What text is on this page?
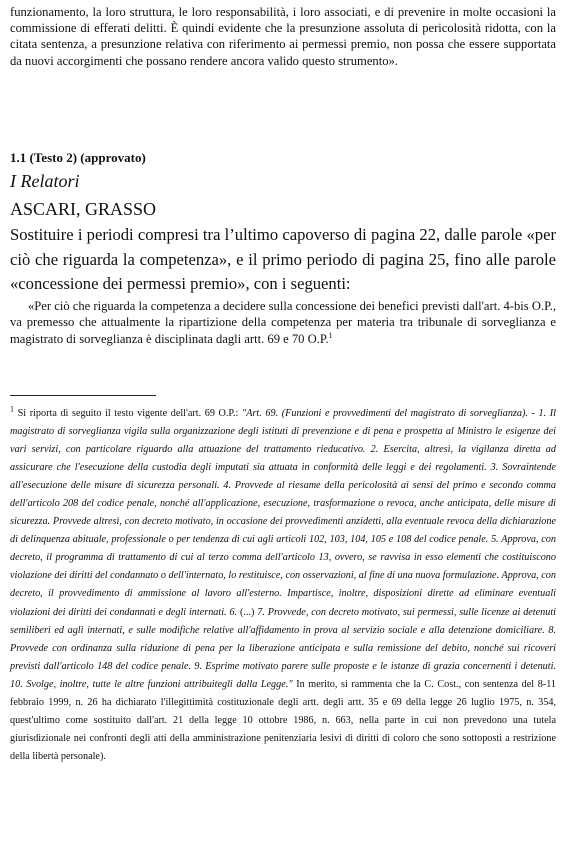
funzionamento, la loro struttura, le loro responsabilità, i loro associati, e di prevenire in molte occasioni la commissione di efferati delitti. È quindi evidente che la presunzione assoluta di pericolosità ridotta, con la citata sentenza, a presunzione relativa con riferimento ai permessi premio, non possa che essere supportata da nuovi accorgimenti che possano rendere ancora valido questo strumento».

1.1 (Testo 2) (approvato)

I Relatori

ASCARI, GRASSO

Sostituire i periodi compresi tra l’ultimo capoverso di pagina 22, dalle parole «per ciò che riguarda la competenza», e il primo periodo di pagina 25, fino alle parole «concessione dei permessi premio», con i seguenti:

«Per ciò che riguarda la competenza a decidere sulla concessione dei benefici previsti dall'art. 4-bis O.P., va premesso che attualmente la ripartizione della competenza per materia tra tribunale di sorveglianza e magistrato di sorveglianza è disciplinata dagli artt. 69 e 70 O.P.$^1$

$^1$ Si riporta di seguito il testo vigente dell'art. 69 O.P.: "Art. 69. (Funzioni e provvedimenti del magistrato di sorveglianza). - 1. Il magistrato di sorveglianza vigila sulla organizzazione degli istituti di prevenzione e di pena e prospetta al Ministro le esigenze dei vari servizi, con particolare riguardo alla attuazione del trattamento rieducativo. 2. Esercita, altresì, la vigilanza diretta ad assicurare che l'esecuzione della custodia degli imputati sia attuata in conformità delle leggi e dei regolamenti. 3. Sovraintende all'esecuzione delle misure di sicurezza personali. 4. Provvede al riesame della pericolosità ai sensi del primo e secondo comma dell'articolo 208 del codice penale, nonché all'applicazione, esecuzione, trasformazione o revoca, anche anticipata, delle misure di sicurezza. Provvede altresì, con decreto motivato, in occasione dei provvedimenti anzidetti, alla eventuale revoca della dichiarazione di delinquenza abituale, professionale o per tendenza di cui agli articoli 102, 103, 104, 105 e 108 del codice penale. 5. Approva, con decreto, il programma di trattamento di cui al terzo comma dell'articolo 13, ovvero, se ravvisa in esso elementi che costituiscono violazione dei diritti del condannato o dell'internato, lo restituisce, con osservazioni, al fine di una nuova formulazione. Approva, con decreto, il provvedimento di ammissione al lavoro all'esterno. Impartisce, inoltre, disposizioni dirette ad eliminare eventuali violazioni dei diritti dei condannati e degli internati. 6. (...) 7. Provvede, con decreto motivato, sui permessi, sulle licenze ai detenuti semiliberi ed agli internati, e sulle modifiche relative all'affidamento in prova al servizio sociale e alla detenzione domiciliare. 8. Provvede con ordinanza sulla riduzione di pena per la liberazione anticipata e sulla remissione del debito, nonché sui ricoveri previsti dall'articolo 148 del codice penale. 9. Esprime motivato parere sulle proposte e le istanze di grazia concernenti i detenuti. 10. Svolge, inoltre, tutte le altre funzioni attribuitegli dalla Legge." In merito, si rammenta che la C. Cost., con sentenza del 8-11 febbraio 1999, n. 26 ha dichiarato l'illegittimità costituzionale degli artt. degli artt. 35 e 69 della legge 26 luglio 1975, n. 354, quest'ultimo come sostituito dall'art. 21 della legge 10 ottobre 1986, n. 663, nella parte in cui non prevedono una tutela giurisdizionale nei confronti degli atti della amministrazione penitenziaria lesivi di diritti di coloro che sono sottoposti a restrizione della libertà personale).
